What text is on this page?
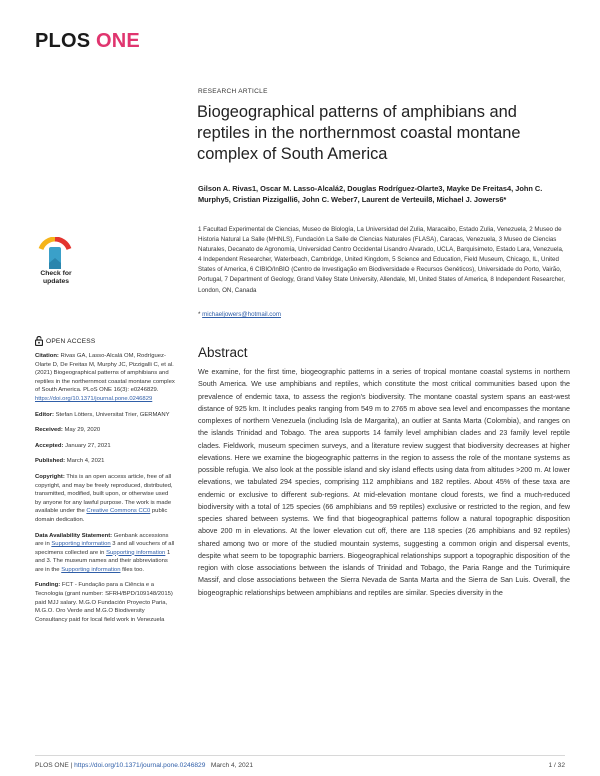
PLOS ONE
RESEARCH ARTICLE
Biogeographical patterns of amphibians and reptiles in the northernmost coastal montane complex of South America
Gilson A. Rivas1, Oscar M. Lasso-Alcalá2, Douglas Rodríguez-Olarte3, Mayke De Freitas4, John C. Murphy5, Cristian Pizzigalli6, John C. Weber7, Laurent de Verteuil8, Michael J. Jowers6*
1 Facultad Experimental de Ciencias, Museo de Biología, La Universidad del Zulia, Maracaibo, Estado Zulia, Venezuela, 2 Museo de Historia Natural La Salle (MHNLS), Fundación La Salle de Ciencias Naturales (FLASA), Caracas, Venezuela, 3 Museo de Ciencias Naturales, Decanato de Agronomía, Universidad Centro Occidental Lisandro Alvarado, UCLA, Barquisimeto, Estado Lara, Venezuela, 4 Independent Researcher, Waterbeach, Cambridge, United Kingdom, 5 Science and Education, Field Museum, Chicago, IL, United States of America, 6 CIBIO/InBIO (Centro de Investigação em Biodiversidade e Recursos Genéticos), Universidade do Porto, Vairão, Portugal, 7 Department of Geology, Grand Valley State University, Allendale, MI, United States of America, 8 Independent Researcher, London, ON, Canada
* michaeljowers@hotmail.com
Abstract
We examine, for the first time, biogeographic patterns in a series of tropical montane coastal systems in northern South America. We use amphibians and reptiles, which constitute the most critical communities based upon the prevalence of endemic taxa, to assess the region's biodiversity. The montane coastal system spans an east-west distance of 925 km. It includes peaks ranging from 549 m to 2765 m above sea level and encompasses the montane complexes of northern Venezuela (including Isla de Margarita), an outlier at Santa Marta (Colombia), and ranges on the islands Trinidad and Tobago. The area supports 14 family level amphibian clades and 23 family level reptile clades. Fieldwork, museum specimen surveys, and a literature review suggest that biodiversity decreases at higher elevations. Here we examine the biogeographic patterns in the region to assess the role of the montane systems as possible refugia. We also look at the possible island and sky island effects using data from altitudes >200 m. At lower elevations, we tabulated 294 species, comprising 112 amphibians and 182 reptiles. About 45% of these taxa are endemic or exclusive to different sub-regions. At mid-elevation montane cloud forests, we find a much-reduced biodiversity with a total of 125 species (66 amphibians and 59 reptiles) exclusive or restricted to the region, and few species shared between systems. We find that biogeographical patterns follow a natural topographic disposition above 200 m in elevations. At the lower elevation cut off, there are 118 species (26 amphibians and 92 reptiles) shared among two or more of the studied mountain systems, suggesting a common origin and dispersal events, despite what seem to be topographic barriers. Biogeographical relationships support a topographic disposition of the region with close associations between the islands of Trinidad and Tobago, the Paria Range and the Turimiquire Massif, and close associations between the Sierra Nevada de Santa Marta and the Sierra de San Luis. Overall, the biogeographic relationships between amphibians and reptiles are similar. Species diversity in the
Check for
updates
OPEN ACCESS
Citation: Rivas GA, Lasso-Alcalá OM, Rodríguez-Olarte D, De Freitas M, Murphy JC, Pizzigalli C, et al. (2021) Biogeographical patterns of amphibians and reptiles in the northernmost coastal montane complex of South America. PLoS ONE 16(3): e0246829. https://doi.org/10.1371/journal.pone.0246829
Editor: Stefan Lötters, Universitat Trier, GERMANY
Received: May 29, 2020
Accepted: January 27, 2021
Published: March 4, 2021
Copyright: This is an open access article, free of all copyright, and may be freely reproduced, distributed, transmitted, modified, built upon, or otherwise used by anyone for any lawful purpose. The work is made available under the Creative Commons CC0 public domain dedication.
Data Availability Statement: Genbank accessions are in Supporting information 3 and all vouchers of all specimens collected are in Supporting information 1 and 3. The museum names and their abbreviations are in the Supporting information files too.
Funding: FCT - Fundação para a Ciência e a Tecnologia (grant number: SFRH/BPD/109148/2015) paid MJJ salary. M.G.O Fundación Proyecto Paria, M.G.O. Oro Verde and M.G.O Biodiversity Consultancy paid for local field work in Venezuela
PLOS ONE | https://doi.org/10.1371/journal.pone.0246829 March 4, 2021	1 / 32
